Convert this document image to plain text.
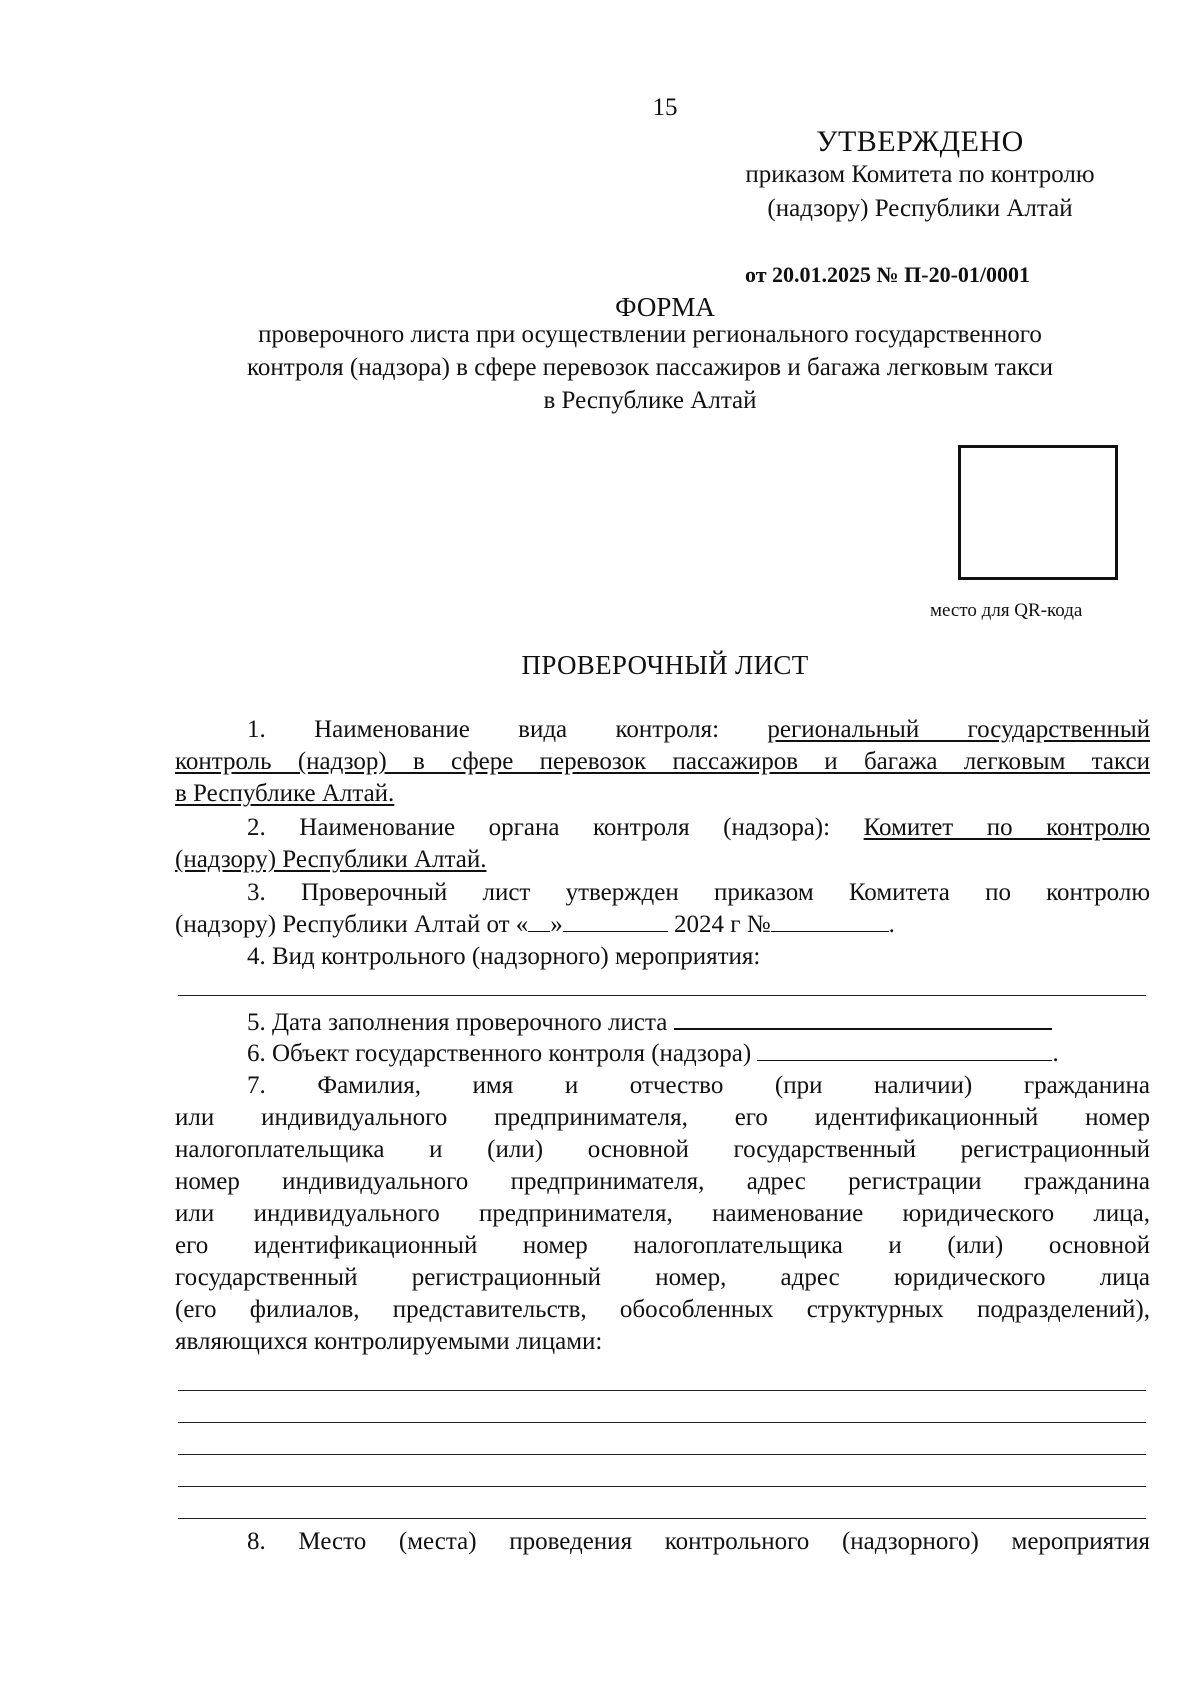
15
УТВЕРЖДЕНО
приказом Комитета по контролю
(надзору) Республики Алтай
от 20.01.2025 № П-20-01/0001
ФОРМА
проверочного листа при осуществлении регионального государственного
контроля (надзора) в сфере перевозок пассажиров и багажа легковым такси
в Республике Алтай
место для QR-кода
ПРОВЕРОЧНЫЙ ЛИСТ
1. Наименование вида контроля: региональный государственный
контроль (надзор) в сфере перевозок пассажиров и багажа легковым такси
в Республике Алтай.
2. Наименование органа контроля (надзора): Комитет по контролю
(надзору) Республики Алтай.
3. Проверочный лист утвержден приказом Комитета по контролю
(надзору) Республики Алтай от « »	2024 г №	.
4. Вид контрольного (надзорного) мероприятия:
5. Дата заполнения проверочного листа
6. Объект государственного контроля (надзора)	.
7. Фамилия, имя и отчество (при наличии) гражданина
или индивидуального предпринимателя, его идентификационный номер
налогоплательщика и (или) основной государственный регистрационный
номер индивидуального предпринимателя, адрес регистрации гражданина
или индивидуального предпринимателя, наименование юридического лица,
его идентификационный номер налогоплательщика и (или) основной
государственный регистрационный номер, адрес юридического лица
(его филиалов, представительств, обособленных структурных подразделений),
являющихся контролируемыми лицами:
8. Место (места) проведения контрольного (надзорного) мероприятия
